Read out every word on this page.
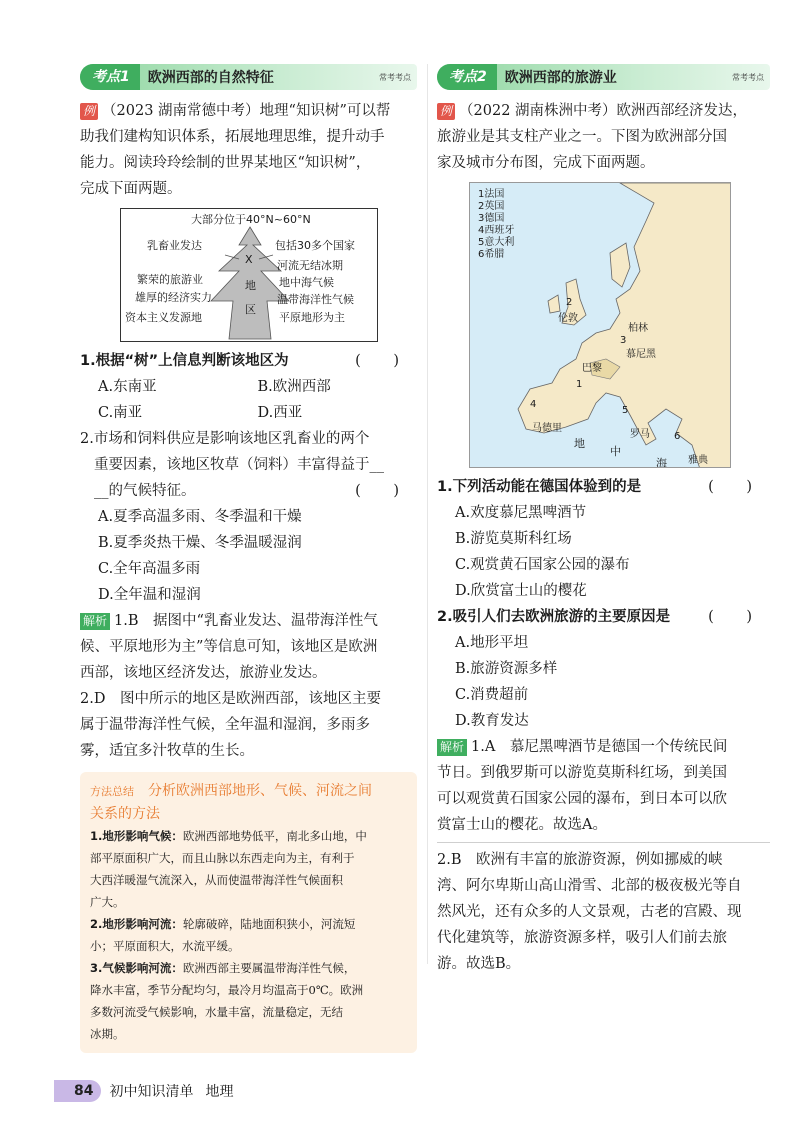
考点1	欧洲西部的自然特征	常考考点

例 （2023 湖南常德中考）地理“知识树”可以帮

助我们建构知识体系，拓展地理思维，提升动手

能力。阅读玲玲绘制的世界某地区“知识树”，

完成下面两题。

大部分位于40°N~60°N
X
地
区
乳畜业发达
繁荣的旅游业
雄厚的经济实力
资本主义发源地
包括30多个国家
河流无结冰期
地中海气候
温带海洋性气候
平原地形为主
1.根据“树”上信息判断该地区为	( )
A.东南亚	B.欧洲西部
C.南亚	D.西亚
2.市场和饲料供应是影响该地区乳畜业的两个
重要因素，该地区牧草（饲料）丰富得益于__
__的气候特征。	( )
A.夏季高温多雨、冬季温和干燥
B.夏季炎热干燥、冬季温暖湿润
C.全年高温多雨
D.全年温和湿润

解析 1.B　据图中“乳畜业发达、温带海洋性气

候、平原地形为主”等信息可知，该地区是欧洲

西部，该地区经济发达，旅游业发达。

2.D　图中所示的地区是欧洲西部，该地区主要

属于温带海洋性气候，全年温和湿润，多雨多

雾，适宜多汁牧草的生长。

方法总结　 分析欧洲西部地形、气候、河流之间
关系的方法

1.地形影响气候：欧洲西部地势低平，南北多山地，中

部平原面积广大，而且山脉以东西走向为主，有利于

大西洋暖湿气流深入，从而使温带海洋性气候面积

广大。

2.地形影响河流：轮廓破碎，陆地面积狭小，河流短

小；平原面积大，水流平缓。

3.气候影响河流：欧洲西部主要属温带海洋性气候，

降水丰富，季节分配均匀，最冷月均温高于0℃。欧洲

多数河流受气候影响，水量丰富，流量稳定，无结

冰期。

考点2	欧洲西部的旅游业	常考考点

例 （2022 湖南株洲中考）欧洲西部经济发达，

旅游业是其支柱产业之一。下图为欧洲部分国

家及城市分布图，完成下面两题。

1法国
2英国
3德国
4西班牙
5意大利
6希腊
伦敦
柏林
慕尼黑
巴黎
马德里
罗马
雅典
地
中
海
1
2
3
4
5
6
1.下列活动能在德国体验到的是	( )
A.欢度慕尼黑啤酒节
B.游览莫斯科红场
C.观赏黄石国家公园的瀑布
D.欣赏富士山的樱花
2.吸引人们去欧洲旅游的主要原因是	( )
A.地形平坦
B.旅游资源多样
C.消费超前
D.教育发达

解析 1.A　慕尼黑啤酒节是德国一个传统民间

节日。到俄罗斯可以游览莫斯科红场，到美国

可以观赏黄石国家公园的瀑布，到日本可以欣

赏富士山的樱花。故选A。

2.B　欧洲有丰富的旅游资源，例如挪威的峡

湾、阿尔卑斯山高山滑雪、北部的极夜极光等自

然风光，还有众多的人文景观，古老的宫殿、现

代化建筑等，旅游资源多样，吸引人们前去旅

游。故选B。

84	初中知识清单 地理
